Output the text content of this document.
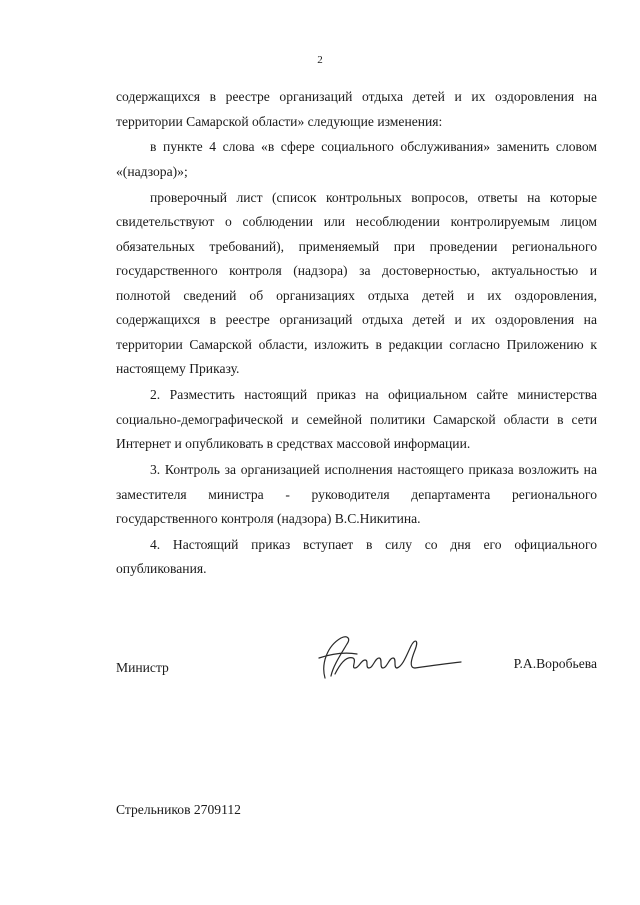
2

содержащихся в реестре организаций отдыха детей и их оздоровления на территории Самарской области» следующие изменения:

в пункте 4 слова «в сфере социального обслуживания» заменить словом «(надзора)»;

проверочный лист (список контрольных вопросов, ответы на которые свидетельствуют о соблюдении или несоблюдении контролируемым лицом обязательных требований), применяемый при проведении регионального государственного контроля (надзора) за достоверностью, актуальностью и полнотой сведений об организациях отдыха детей и их оздоровления, содержащихся в реестре организаций отдыха детей и их оздоровления на территории Самарской области, изложить в редакции согласно Приложению к настоящему Приказу.

2. Разместить настоящий приказ на официальном сайте министерства социально-демографической и семейной политики Самарской области в сети Интернет и опубликовать в средствах массовой информации.

3. Контроль за организацией исполнения настоящего приказа возложить на заместителя министра - руководителя департамента регионального государственного контроля (надзора) В.С.Никитина.

4. Настоящий приказ вступает в силу со дня его официального опубликования.

Министр	Р.А.Воробьева
Стрельников 2709112
